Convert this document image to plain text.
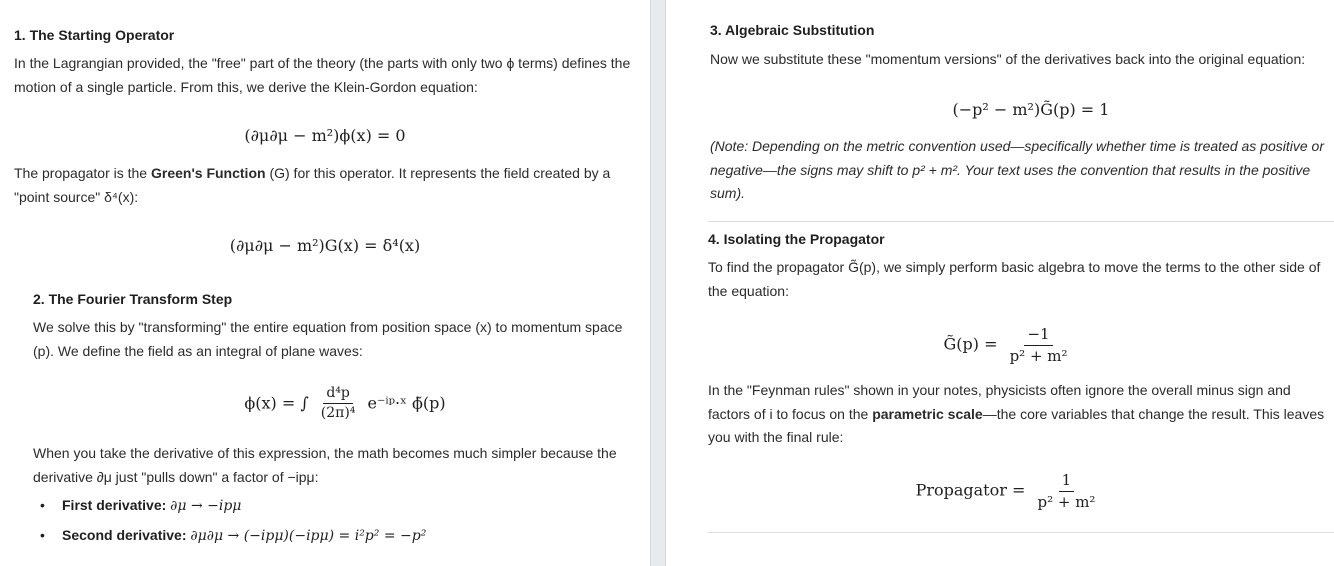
1. The Starting Operator

In the Lagrangian provided, the "free" part of the theory (the parts with only two ϕ terms) defines the motion of a single particle. From this, we derive the Klein-Gordon equation:

(∂μ∂μ − m²)ϕ(x) = 0

The propagator is the Green's Function (G) for this operator. It represents the field created by a "point source" δ⁴(x):

(∂μ∂μ − m²)G(x) = δ⁴(x)
2. The Fourier Transform Step

We solve this by "transforming" the entire equation from position space (x) to momentum space (p). We define the field as an integral of plane waves:

ϕ(x) = ∫ $\frac{\text{d⁴p}}{\text{(2π)⁴}}$ e⁻ⁱᵖ·ˣ ϕ̃(p)

When you take the derivative of this expression, the math becomes much simpler because the derivative ∂μ just "pulls down" a factor of −ipμ:

• First derivative: ∂μ → −ipμ
• Second derivative: ∂μ∂μ → (−ipμ)(−ipμ) = i²p² = −p²
3. Algebraic Substitution

Now we substitute these "momentum versions" of the derivatives back into the original equation:

(−p² − m²)G̃(p) = 1

(Note: Depending on the metric convention used—specifically whether time is treated as positive or negative—the signs may shift to p² + m². Your text uses the convention that results in the positive sum).

4. Isolating the Propagator

To find the propagator G̃(p), we simply perform basic algebra to move the terms to the other side of the equation:

G̃(p) = $\frac{-1}{\text{p² + m²}}$

In the "Feynman rules" shown in your notes, physicists often ignore the overall minus sign and factors of i to focus on the parametric scale—the core variables that change the result. This leaves you with the final rule:

Propagator = $\frac{1}{\text{p² + m²}}$
